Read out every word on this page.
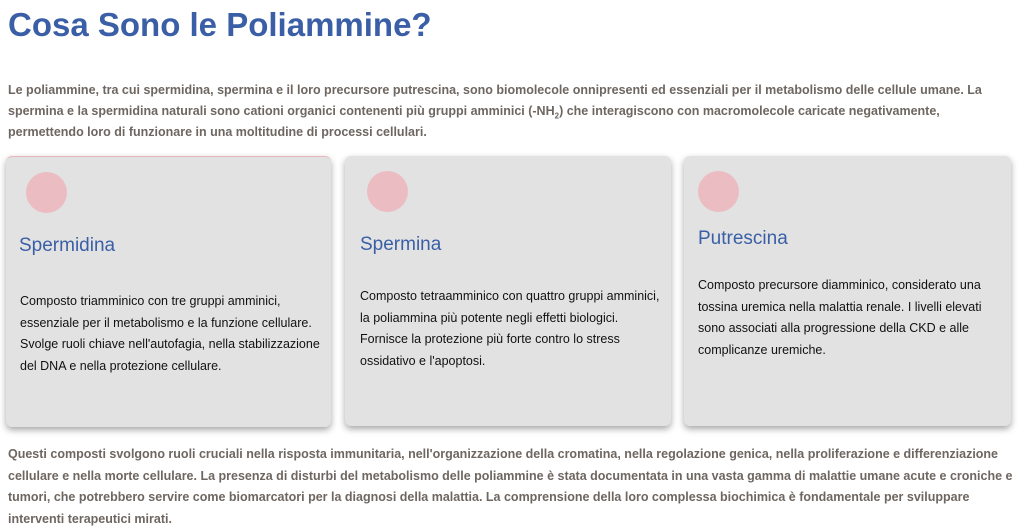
Cosa Sono le Poliammine?

Le poliammine, tra cui spermidina, spermina e il loro precursore putrescina, sono biomolecole onnipresenti ed essenziali per il metabolismo delle cellule umane. La spermina e la spermidina naturali sono cationi organici contenenti più gruppi amminici $(-NH_2)$ che interagiscono con macromolecole caricate negativamente, permettendo loro di funzionare in una moltitudine di processi cellulari.

Spermidina

Composto triamminico con tre gruppi amminici, essenziale per il metabolismo e la funzione cellulare. Svolge ruoli chiave nell'autofagia, nella stabilizzazione del DNA e nella protezione cellulare.

Spermina

Composto tetraamminico con quattro gruppi amminici, la poliammina più potente negli effetti biologici. Fornisce la protezione più forte contro lo stress ossidativo e l'apoptosi.

Putrescina

Composto precursore diamminico, considerato una tossina uremica nella malattia renale. I livelli elevati sono associati alla progressione della CKD e alle complicanze uremiche.

Questi composti svolgono ruoli cruciali nella risposta immunitaria, nell'organizzazione della cromatina, nella regolazione genica, nella proliferazione e differenziazione cellulare e nella morte cellulare. La presenza di disturbi del metabolismo delle poliammine è stata documentata in una vasta gamma di malattie umane acute e croniche e tumori, che potrebbero servire come biomarcatori per la diagnosi della malattia. La comprensione della loro complessa biochimica è fondamentale per sviluppare interventi terapeutici mirati.
